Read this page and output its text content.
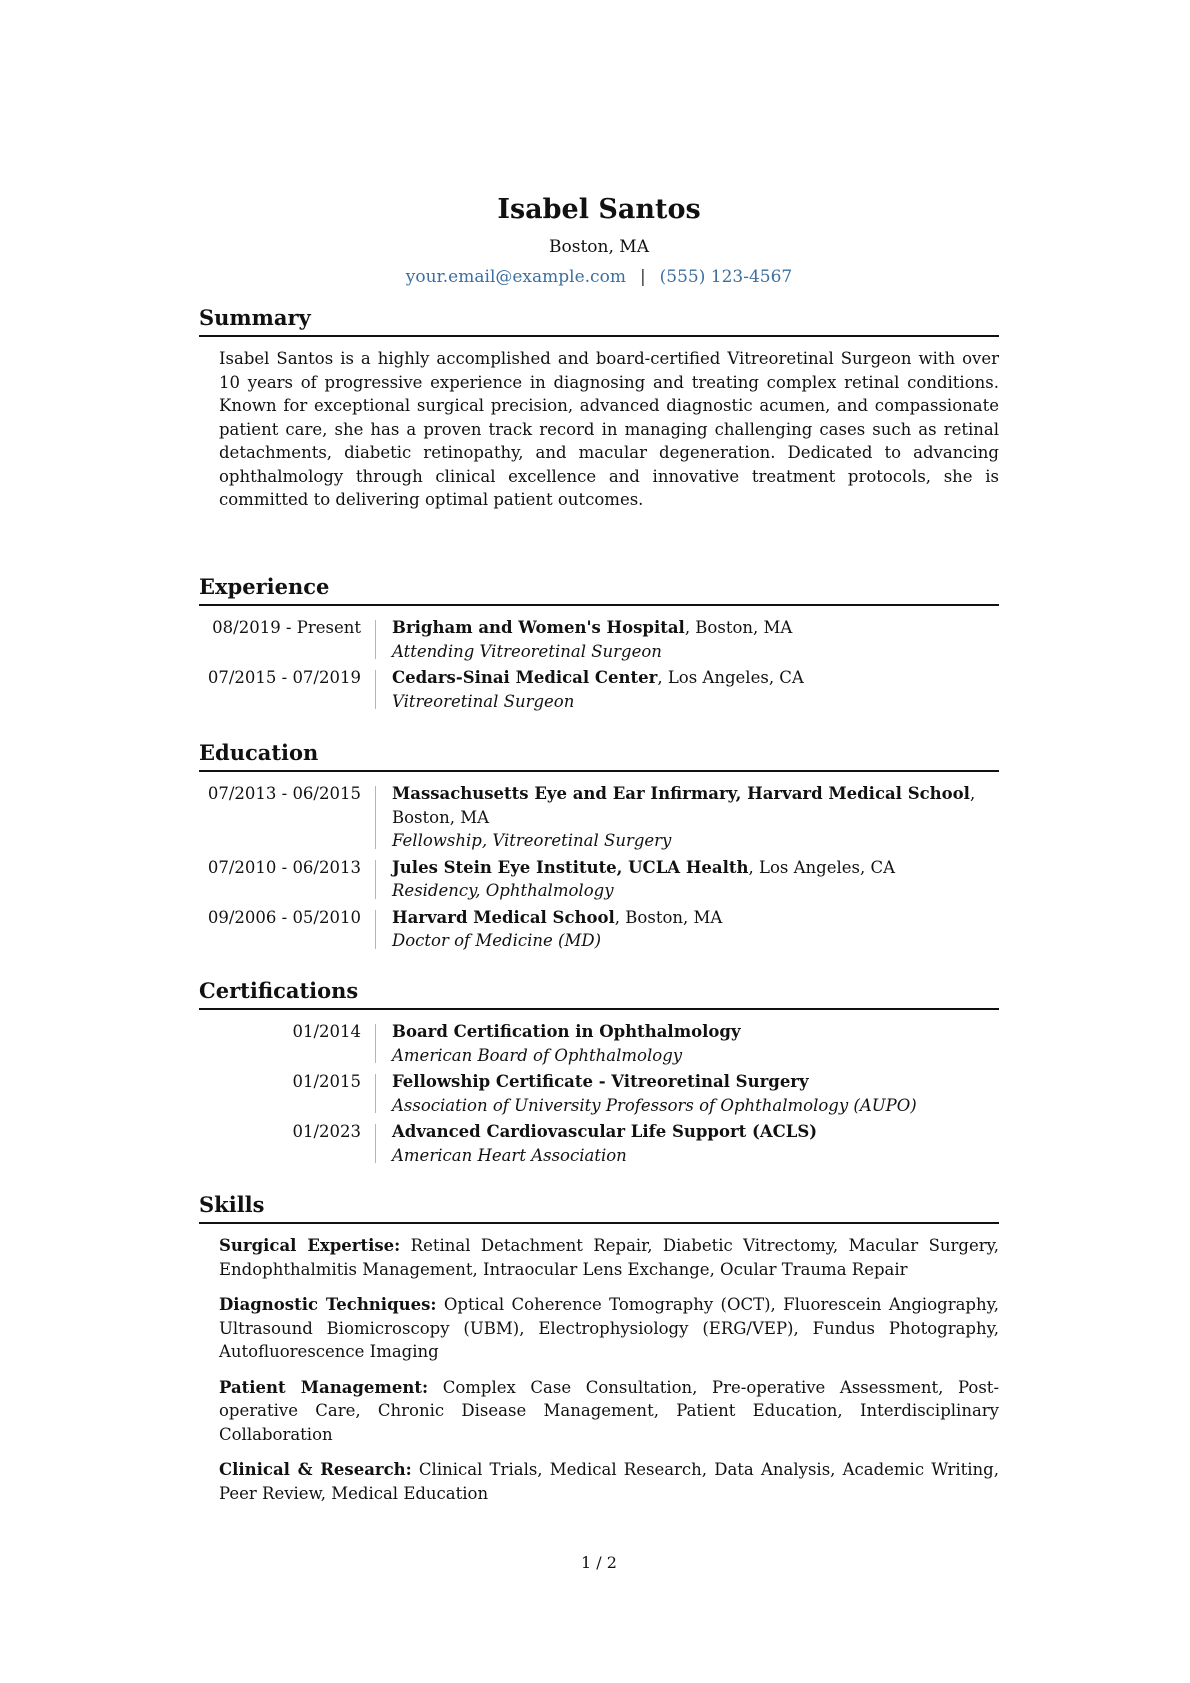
Isabel Santos
Boston, MA
your.email@example.com | (555) 123-4567
Summary

Isabel Santos is a highly accomplished and board-certified Vitreoretinal Surgeon with over 10 years of progressive experience in diagnosing and treating complex retinal conditions. Known for exceptional surgical precision, advanced diagnostic acumen, and compassionate patient care, she has a proven track record in managing challenging cases such as retinal detachments, diabetic retinopathy, and macular degeneration. Dedicated to advancing ophthalmology through clinical excellence and innovative treatment protocols, she is committed to delivering optimal patient outcomes.

Experience
08/2019 - Present	Brigham and Women's Hospital, Boston, MA
Attending Vitreoretinal Surgeon
07/2015 - 07/2019	Cedars-Sinai Medical Center, Los Angeles, CA
Vitreoretinal Surgeon
Education
07/2013 - 06/2015	Massachusetts Eye and Ear Infirmary, Harvard Medical School, Boston, MA
Fellowship, Vitreoretinal Surgery
07/2010 - 06/2013	Jules Stein Eye Institute, UCLA Health, Los Angeles, CA
Residency, Ophthalmology
09/2006 - 05/2010	Harvard Medical School, Boston, MA
Doctor of Medicine (MD)
Certifications
01/2014	Board Certification in Ophthalmology
American Board of Ophthalmology
01/2015	Fellowship Certificate - Vitreoretinal Surgery
Association of University Professors of Ophthalmology (AUPO)
01/2023	Advanced Cardiovascular Life Support (ACLS)
American Heart Association
Skills
Surgical Expertise: Retinal Detachment Repair, Diabetic Vitrectomy, Macular Surgery, Endophthalmitis Management, Intraocular Lens Exchange, Ocular Trauma Repair
Diagnostic Techniques: Optical Coherence Tomography (OCT), Fluorescein Angiography, Ultrasound Biomicroscopy (UBM), Electrophysiology (ERG/VEP), Fundus Photography, Autofluorescence Imaging
Patient Management: Complex Case Consultation, Pre-operative Assessment, Post-operative Care, Chronic Disease Management, Patient Education, Interdisciplinary Collaboration
Clinical & Research: Clinical Trials, Medical Research, Data Analysis, Academic Writing, Peer Review, Medical Education
1 / 2
